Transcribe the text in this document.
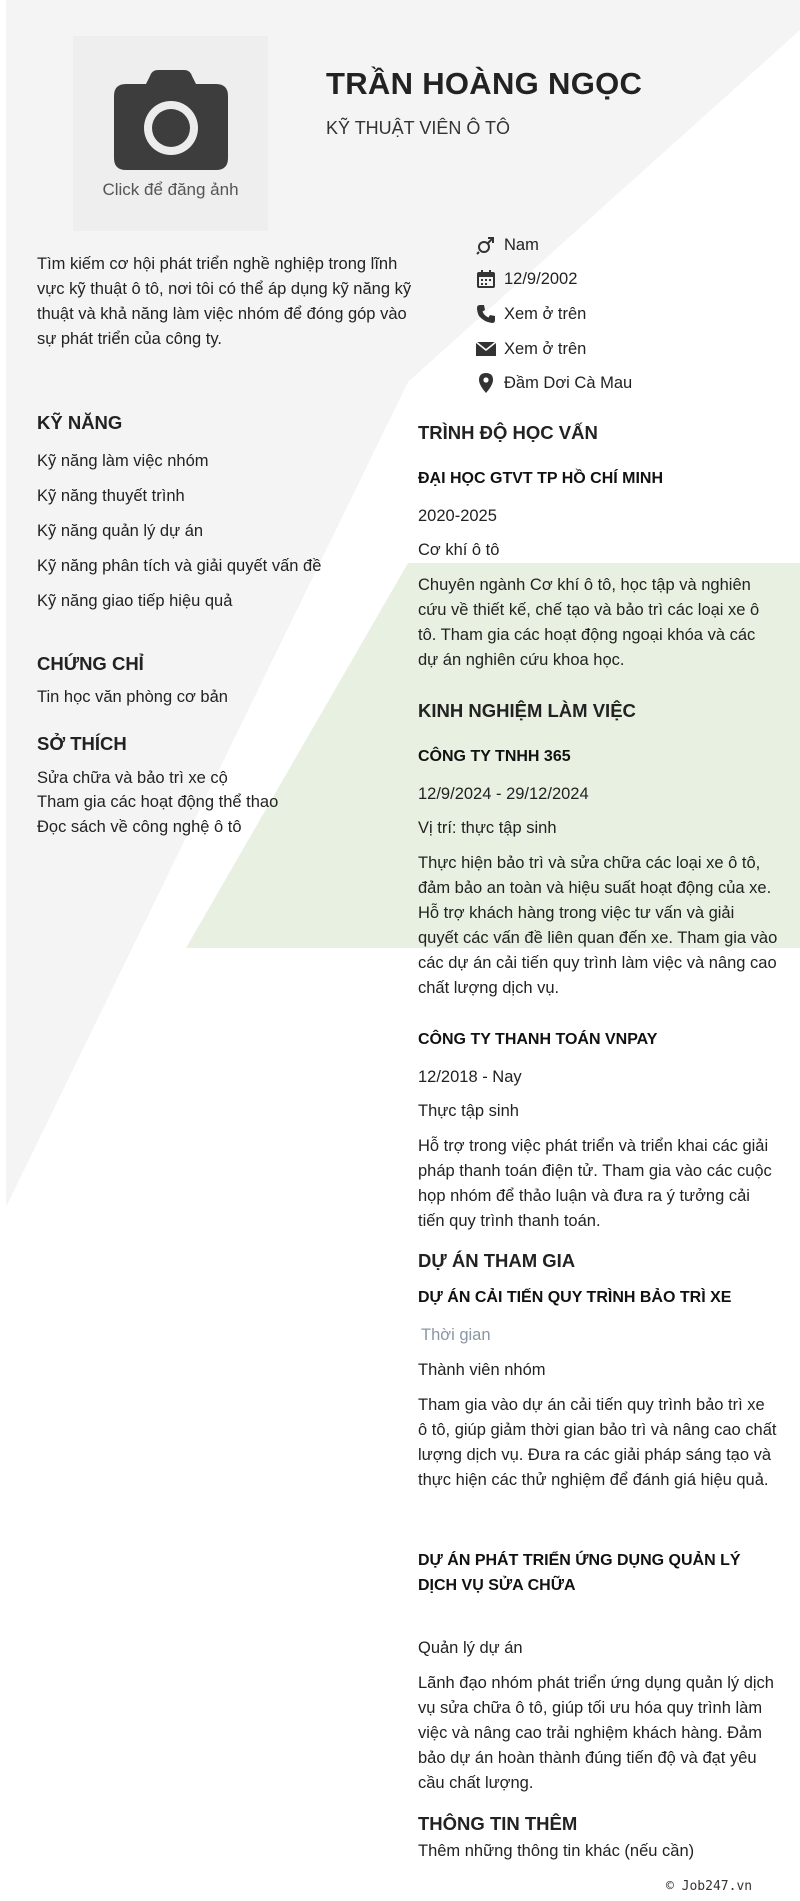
Click để đăng ảnh
TRẦN HOÀNG NGỌC
KỸ THUẬT VIÊN Ô TÔ
Tìm kiếm cơ hội phát triển nghề nghiệp trong lĩnh vực kỹ thuật ô tô, nơi tôi có thể áp dụng kỹ năng kỹ thuật và khả năng làm việc nhóm để đóng góp vào sự phát triển của công ty.
Nam
12/9/2002
Xem ở trên
Xem ở trên
Đầm Dơi Cà Mau
KỸ NĂNG
Kỹ năng làm việc nhóm
Kỹ năng thuyết trình
Kỹ năng quản lý dự án
Kỹ năng phân tích và giải quyết vấn đề
Kỹ năng giao tiếp hiệu quả
CHỨNG CHỈ
Tin học văn phòng cơ bản
SỞ THÍCH
Sửa chữa và bảo trì xe cộ
Tham gia các hoạt động thể thao
Đọc sách về công nghệ ô tô
TRÌNH ĐỘ HỌC VẤN
ĐẠI HỌC GTVT TP HỒ CHÍ MINH
2020-2025
Cơ khí ô tô
Chuyên ngành Cơ khí ô tô, học tập và nghiên cứu về thiết kế, chế tạo và bảo trì các loại xe ô tô. Tham gia các hoạt động ngoại khóa và các dự án nghiên cứu khoa học.
KINH NGHIỆM LÀM VIỆC
CÔNG TY TNHH 365
12/9/2024 - 29/12/2024
Vị trí: thực tập sinh
Thực hiện bảo trì và sửa chữa các loại xe ô tô, đảm bảo an toàn và hiệu suất hoạt động của xe. Hỗ trợ khách hàng trong việc tư vấn và giải quyết các vấn đề liên quan đến xe. Tham gia vào các dự án cải tiến quy trình làm việc và nâng cao chất lượng dịch vụ.
CÔNG TY THANH TOÁN VNPAY
12/2018 - Nay
Thực tập sinh
Hỗ trợ trong việc phát triển và triển khai các giải pháp thanh toán điện tử. Tham gia vào các cuộc họp nhóm để thảo luận và đưa ra ý tưởng cải tiến quy trình thanh toán.
DỰ ÁN THAM GIA
DỰ ÁN CẢI TIẾN QUY TRÌNH BẢO TRÌ XE
Thời gian
Thành viên nhóm
Tham gia vào dự án cải tiến quy trình bảo trì xe ô tô, giúp giảm thời gian bảo trì và nâng cao chất lượng dịch vụ. Đưa ra các giải pháp sáng tạo và thực hiện các thử nghiệm để đánh giá hiệu quả.
DỰ ÁN PHÁT TRIỂN ỨNG DỤNG QUẢN LÝ DỊCH VỤ SỬA CHỮA
Quản lý dự án
Lãnh đạo nhóm phát triển ứng dụng quản lý dịch vụ sửa chữa ô tô, giúp tối ưu hóa quy trình làm việc và nâng cao trải nghiệm khách hàng. Đảm bảo dự án hoàn thành đúng tiến độ và đạt yêu cầu chất lượng.
THÔNG TIN THÊM
Thêm những thông tin khác (nếu cần)
© Job247.vn
